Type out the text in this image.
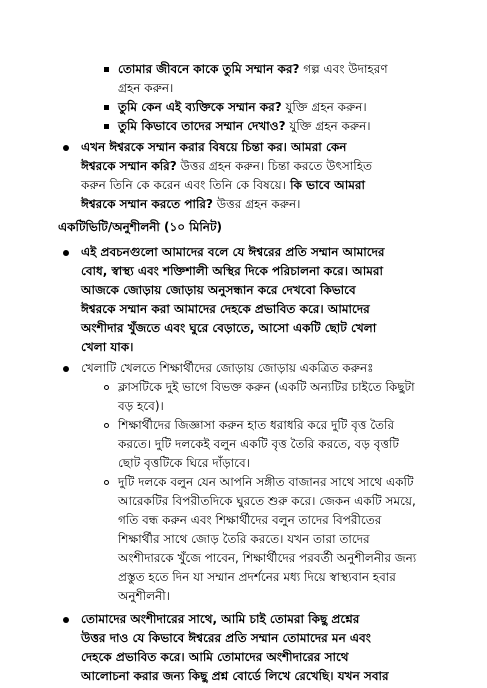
তোমার জীবনে কাকে তুমি সম্মান কর? গল্প এবং উদাহরণ
গ্রহন করুন।
তুমি কেন এই ব্যক্তিকে সম্মান কর? যুক্তি গ্রহন করুন।
তুমি কিভাবে তাদের সম্মান দেখাও? যুক্তি গ্রহন করুন।
এখন ঈশ্বরকে সম্মান করার বিষয়ে চিন্তা কর। আমরা কেন
ঈশ্বরকে সম্মান করি? উত্তর গ্রহন করুন। চিন্তা করতে উৎসাহিত
করুন তিনি কে করেন এবং তিনি কে বিষয়ে। কি ভাবে আমরা
ঈশ্বরকে সম্মান করতে পারি? উত্তর গ্রহন করুন।
একটিভিটি/অনুশীলনী (১০ মিনিট)
এই প্রবচনগুলো আমাদের বলে যে ঈশ্বরের প্রতি সম্মান আমাদের
বোধ, স্বাস্থ্য এবং শক্তিশালী অস্থির দিকে পরিচালনা করে। আমরা
আজকে জোড়ায় জোড়ায় অনুসন্ধান করে দেখবো কিভাবে
ঈশ্বরকে সম্মান করা আমাদের দেহকে প্রভাবিত করে। আমাদের
অংশীদার খুঁজতে এবং ঘুরে বেড়াতে, আসো একটি ছোট খেলা
খেলা যাক।
খেলাটি খেলতে শিক্ষার্থীদের জোড়ায় জোড়ায় একত্রিত করুনঃ
ক্লাসটিকে দুই ভাগে বিভক্ত করুন (একটি অন্যটির চাইতে কিছুটা
বড় হবে)।
শিক্ষার্থীদের জিজ্ঞাসা করুন হাত ধরাধরি করে দুটি বৃত্ত তৈরি
করতে। দুটি দলকেই বলুন একটি বৃত্ত তৈরি করতে, বড় বৃত্তটি
ছোট বৃত্তটিকে ঘিরে দাঁড়াবে।
দুটি দলকে বলুন যেন আপনি সঙ্গীত বাজানর সাথে সাথে একটি
আরেকটির বিপরীতদিকে ঘুরতে শুরু করে। জেকন একটি সময়ে,
গতি বন্ধ করুন এবং শিক্ষার্থীদের বলুন তাদের বিপরীতের
শিক্ষার্থীর সাথে জোড় তৈরি করতে। যখন তারা তাদের
অংশীদারকে খুঁজে পাবেন, শিক্ষার্থীদের পরবর্তী অনুশীলনীর জন্য
প্রস্তুত হতে দিন যা সম্মান প্রদর্শনের মধ্য দিয়ে স্বাস্থ্যবান হবার
অনুশীলনী।
তোমাদের অংশীদারের সাথে, আমি চাই তোমরা কিছু প্রশ্নের
উত্তর দাও যে কিভাবে ঈশ্বরের প্রতি সম্মান তোমাদের মন এবং
দেহকে প্রভাবিত করে। আমি তোমাদের অংশীদারের সাথে
আলোচনা করার জন্য কিছু প্রশ্ন বোর্ডে লিখে রেখেছি। যখন সবার
